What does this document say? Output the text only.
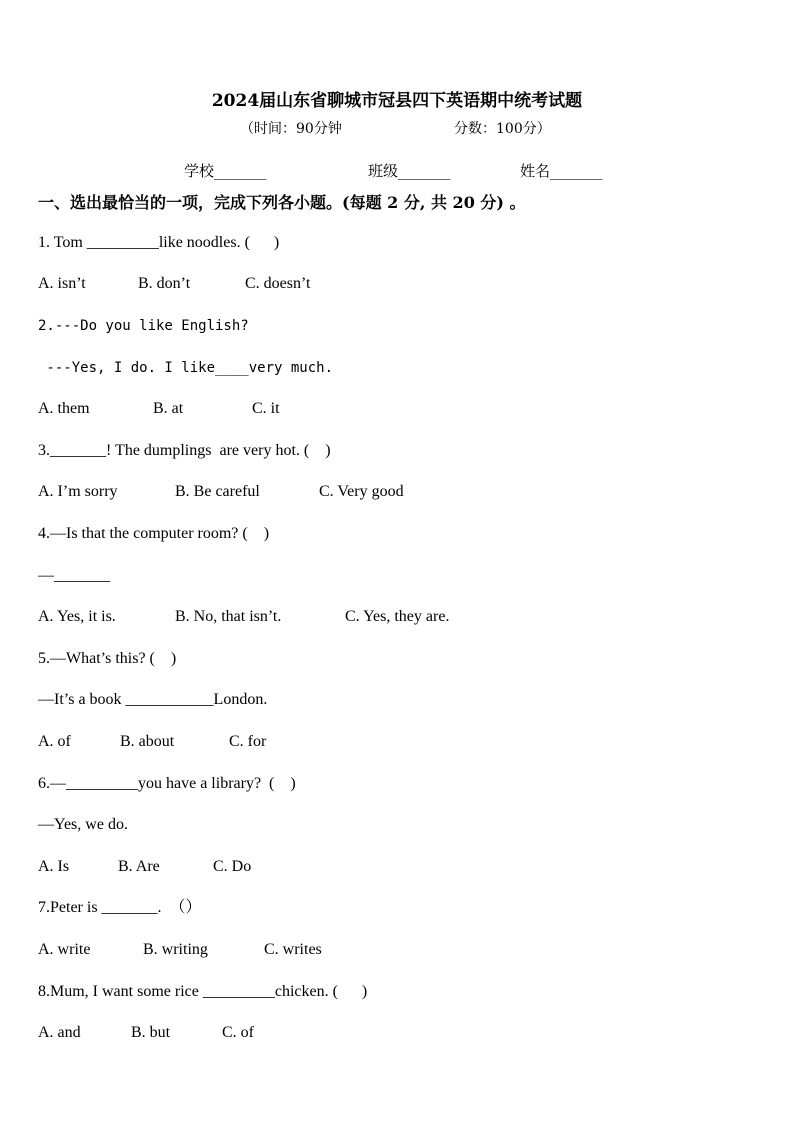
2024届山东省聊城市冠县四下英语期中统考试题
（时间：90分钟	分数：100分）
学校_______	班级_______	姓名_______
一、选出最恰当的一项，完成下列各小题。(每题 2 分, 共 20 分) 。
1. Tom _________like noodles. (      )
A. isn’t	B. don’t	C. doesn’t
2.---Do you like English?
---Yes, I do. I like____very much.
A. them	B. at	C. it
3._______! The dumplings  are very hot. (    )
A. I’m sorry	B. Be careful	C. Very good
4.—Is that the computer room? (    )
—_______
A. Yes, it is.	B. No, that isn’t.	C. Yes, they are.
5.—What’s this? (    )
—It’s a book ___________London.
A. of	B. about	C. for
6.—_________you have a library?  (    )
—Yes, we do.
A. Is	B. Are	C. Do
7.Peter is _______.  （）
A. write	B. writing	C. writes
8.Mum, I want some rice _________chicken. (      )
A. and	B. but	C. of
